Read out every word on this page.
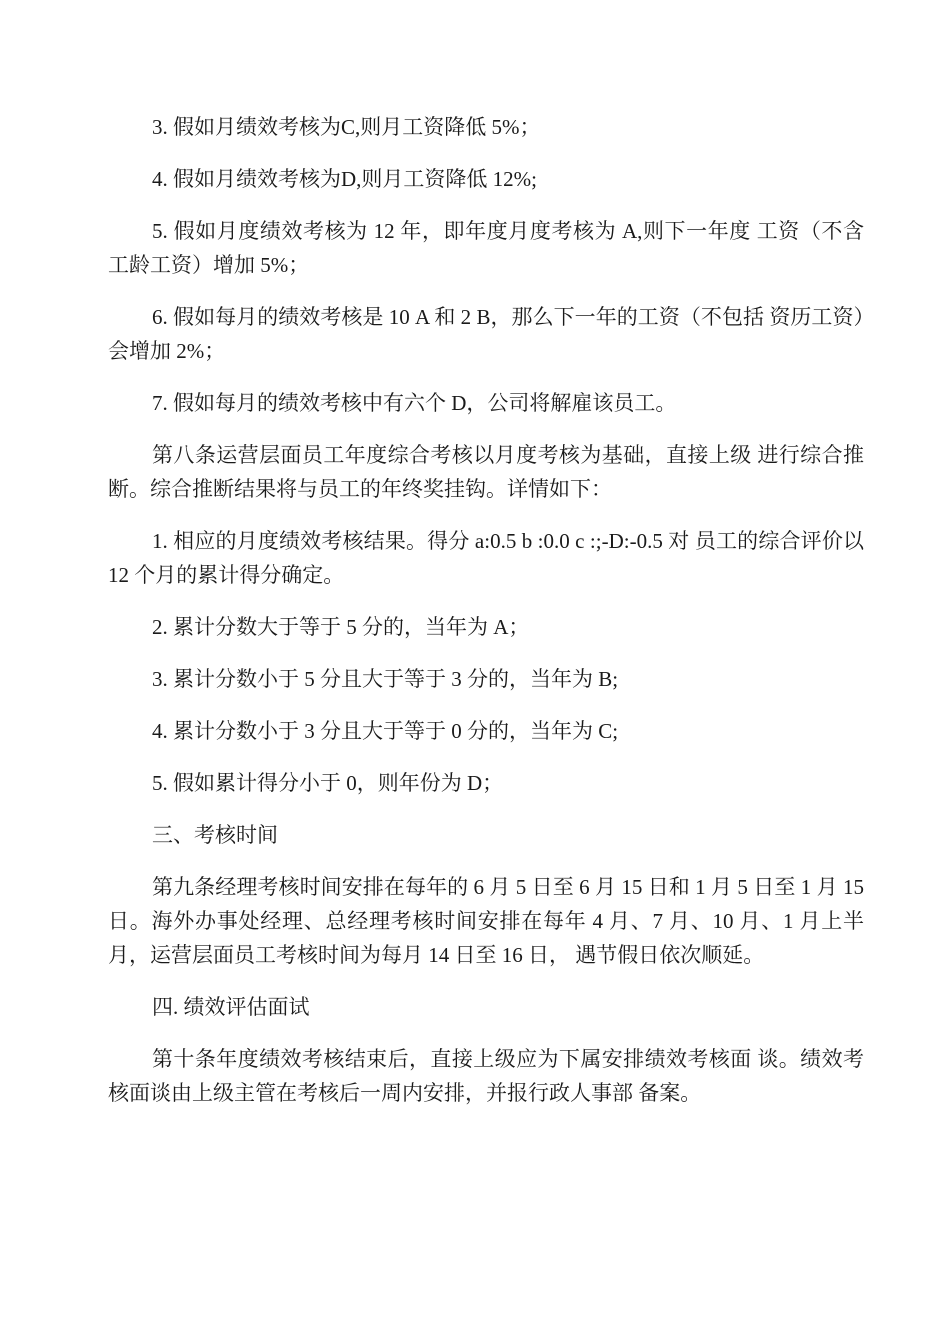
3. 假如月绩效考核为C,则月工资降低 5%；

4. 假如月绩效考核为D,则月工资降低 12%;

5. 假如月度绩效考核为 12 年，即年度月度考核为 A,则下一年度 工资（不含工龄工资）增加 5%；

6. 假如每月的绩效考核是 10 A 和 2 B，那么下一年的工资（不包括 资历工资）会增加 2%；

7. 假如每月的绩效考核中有六个 D，公司将解雇该员工。

第八条运营层面员工年度综合考核以月度考核为基础，直接上级 进行综合推断。综合推断结果将与员工的年终奖挂钩。详情如下：

1. 相应的月度绩效考核结果。得分 a:0.5 b :0.0 c :;-D:-0.5 对 员工的综合评价以 12 个月的累计得分确定。

2. 累计分数大于等于 5 分的，当年为 A；

3. 累计分数小于 5 分且大于等于 3 分的，当年为 B;

4. 累计分数小于 3 分且大于等于 0 分的，当年为 C;

5. 假如累计得分小于 0，则年份为 D；

三、考核时间

第九条经理考核时间安排在每年的 6 月 5 日至 6 月 15 日和 1 月 5 日至 1 月 15 日。海外办事处经理、总经理考核时间安排在每年 4 月、7 月、10 月、1 月上半月，运营层面员工考核时间为每月 14 日至 16 日， 遇节假日依次顺延。

四. 绩效评估面试

第十条年度绩效考核结束后，直接上级应为下属安排绩效考核面 谈。绩效考核面谈由上级主管在考核后一周内安排，并报行政人事部 备案。
